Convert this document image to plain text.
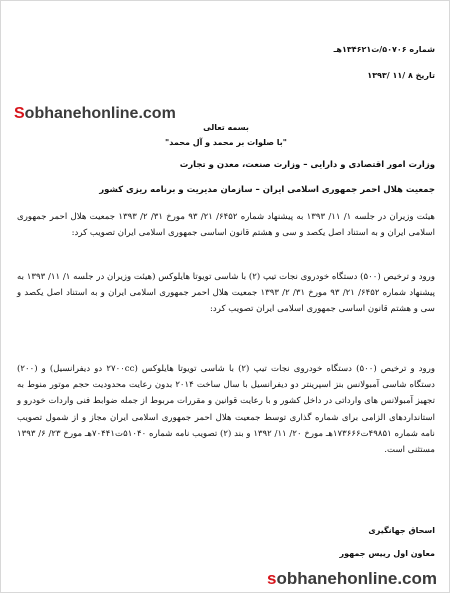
شماره ۵۰۷۰۶/ت۱۳۴۶۲۱هـ
تاریخ ۸ /۱۱ /۱۳۹۳
Sobhanehonline.com
بسمه تعالی
"با صلوات بر محمد و آل محمد"
وزارت امور اقتصادی و دارایی – وزارت صنعت، معدن و تجارت
جمعیت هلال احمر جمهوری اسلامی ایران – سازمان مدیریت و برنامه ریزی کشور

هیئت وزیران در جلسه ۱/ ۱۱/ ۱۳۹۳ به پیشنهاد شماره ۶۴۵۲/ ۲۱/ ۹۳ مورخ ۳۱/ ۲/ ۱۳۹۳ جمعیت هلال احمر جمهوری اسلامی ایران و به استناد اصل یکصد و سی و هشتم قانون اساسی جمهوری اسلامی ایران تصویب کرد:

ورود و ترخیص (۵۰۰) دستگاه خودروی نجات تیپ (۲) با شاسی تویوتا هایلوکس (هیئت وزیران در جلسه ۱/ ۱۱/ ۱۳۹۳ به پیشنهاد شماره ۶۴۵۲/ ۲۱/ ۹۳ مورخ ۳۱/ ۲/ ۱۳۹۳ جمعیت هلال احمر جمهوری اسلامی ایران و به استناد اصل یکصد و سی و هشتم قانون اساسی جمهوری اسلامی ایران تصویب کرد:

ورود و ترخیص (۵۰۰) دستگاه خودروی نجات تیپ (۲) با شاسی تویوتا هایلوکس (۲۷۰۰cc دو دیفرانسیل) و (۲۰۰) دستگاه شاسی آمبولانس بنز اسپرینتر دو دیفرانسیل با سال ساخت ۲۰۱۴ بدون رعایت محدودیت حجم موتور منوط به تجهیز آمبولانس های وارداتی در داخل کشور و با رعایت قوانین و مقررات مربوط از جمله ضوابط فنی واردات خودرو و استانداردهای الزامی برای شماره گذاری توسط جمعیت هلال احمر جمهوری اسلامی ایران مجاز و از شمول تصویب نامه شماره ۴۹۸۵۱ت۱۷۳۶۶۶هـ مورخ ۲۰/ ۱۱/ ۱۳۹۲ و بند (۲) تصویب نامه شماره ۵۱۰۴۰ت۷۰۴۴۱هـ مورخ ۲۳/ ۶/ ۱۳۹۳ مستثنی است.

اسحاق جهانگیری
معاون اول رییس جمهور
sobhanehonline.com
